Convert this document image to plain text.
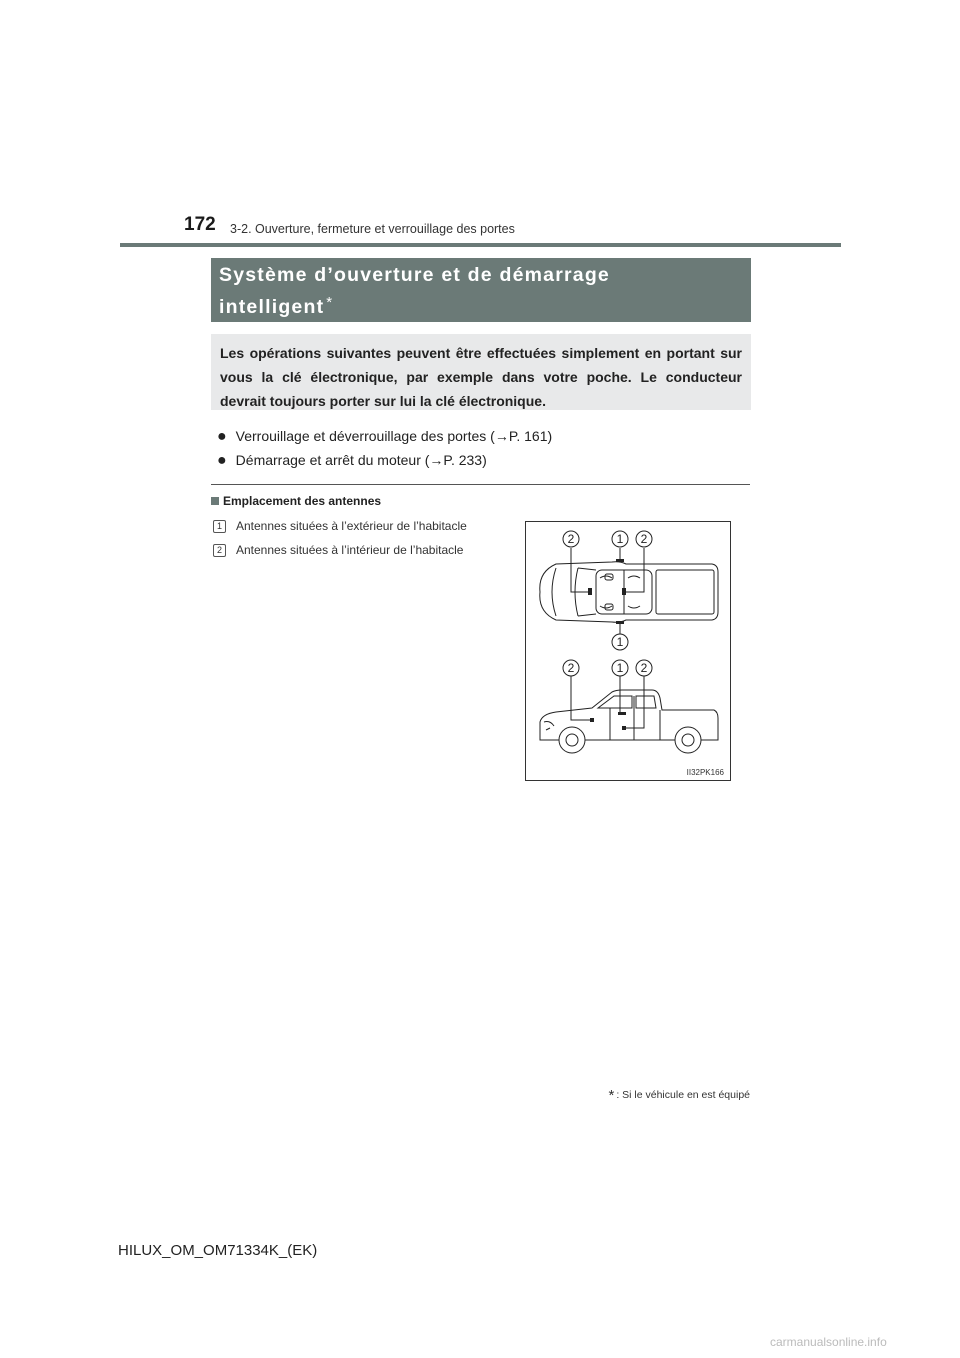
172 3-2. Ouverture, fermeture et verrouillage des portes
Système d’ouverture et de démarrage
intelligent *
Les opérations suivantes peuvent être effectuées simplement en portant sur vous la clé électronique, par exemple dans votre poche. Le conducteur devrait toujours porter sur lui la clé électronique.
● Verrouillage et déverrouillage des portes (→P. 161)
● Démarrage et arrêt du moteur (→P. 233)
Emplacement des antennes
1 Antennes situées à l’extérieur de l’habitacle
2 Antennes situées à l’intérieur de l’habitacle
2	1 2
1
2	1 2
II32PK166
* : Si le véhicule en est équipé
HILUX_OM_OM71334K_(EK)
carmanualsonline.info
